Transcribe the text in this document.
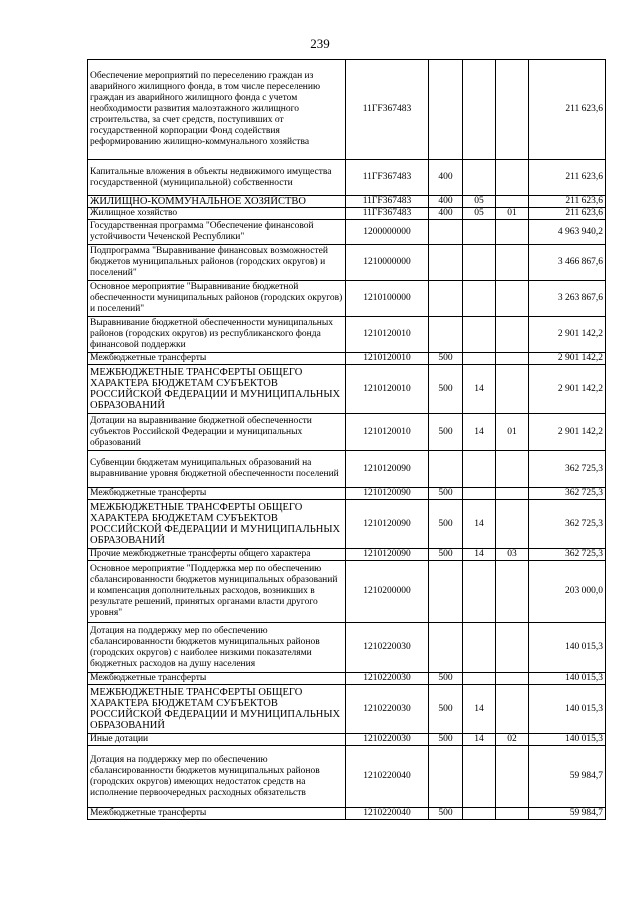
239
Обеспечение мероприятий по переселению граждан из аварийного жилищного фонда, в том числе переселению граждан из аварийного жилищного фонда с учетом необходимости развития малоэтажного жилищного строительства, за счет средств, поступивших от государственной корпорации Фонд содействия реформированию жилищно-коммунального хозяйства	11ГF367483				211 623,6
Капитальные вложения в объекты недвижимого имущества государственной (муниципальной) собственности	11ГF367483	400			211 623,6
ЖИЛИЩНО-КОММУНАЛЬНОЕ ХОЗЯЙСТВО	11ГF367483	400	05		211 623,6
Жилищное хозяйство	11ГF367483	400	05	01	211 623,6
Государственная программа "Обеспечение финансовой устойчивости Чеченской Республики"	1200000000				4 963 940,2
Подпрограмма "Выравнивание финансовых возможностей бюджетов муниципальных районов (городских округов) и поселений"	1210000000				3 466 867,6
Основное мероприятие "Выравнивание бюджетной обеспеченности муниципальных районов (городских округов) и поселений"	1210100000				3 263 867,6
Выравнивание бюджетной обеспеченности муниципальных районов (городских округов) из республиканского фонда финансовой поддержки	1210120010				2 901 142,2
Межбюджетные трансферты	1210120010	500			2 901 142,2
МЕЖБЮДЖЕТНЫЕ ТРАНСФЕРТЫ ОБЩЕГО ХАРАКТЕРА БЮДЖЕТАМ СУБЪЕКТОВ РОССИЙСКОЙ ФЕДЕРАЦИИ И МУНИЦИПАЛЬНЫХ ОБРАЗОВАНИЙ	1210120010	500	14		2 901 142,2
Дотации на выравнивание бюджетной обеспеченности субъектов Российской Федерации и муниципальных образований	1210120010	500	14	01	2 901 142,2
Субвенции бюджетам муниципальных образований на выравнивание уровня бюджетной обеспеченности поселений	1210120090				362 725,3
Межбюджетные трансферты	1210120090	500			362 725,3
МЕЖБЮДЖЕТНЫЕ ТРАНСФЕРТЫ ОБЩЕГО ХАРАКТЕРА БЮДЖЕТАМ СУБЪЕКТОВ РОССИЙСКОЙ ФЕДЕРАЦИИ И МУНИЦИПАЛЬНЫХ ОБРАЗОВАНИЙ	1210120090	500	14		362 725,3
Прочие межбюджетные трансферты общего характера	1210120090	500	14	03	362 725,3
Основное мероприятие "Поддержка мер по обеспечению сбалансированности бюджетов муниципальных образований и компенсация дополнительных расходов, возникших в результате решений, принятых органами власти другого уровня"	1210200000				203 000,0
Дотация на поддержку мер по обеспечению сбалансированности бюджетов муниципальных районов (городских округов) с наиболее низкими показателями бюджетных расходов на душу населения	1210220030				140 015,3
Межбюджетные трансферты	1210220030	500			140 015,3
МЕЖБЮДЖЕТНЫЕ ТРАНСФЕРТЫ ОБЩЕГО ХАРАКТЕРА БЮДЖЕТАМ СУБЪЕКТОВ РОССИЙСКОЙ ФЕДЕРАЦИИ И МУНИЦИПАЛЬНЫХ ОБРАЗОВАНИЙ	1210220030	500	14		140 015,3
Иные дотации	1210220030	500	14	02	140 015,3
Дотация на поддержку мер по обеспечению сбалансированности бюджетов муниципальных районов (городских округов) имеющих недостаток средств на исполнение первоочередных расходных обязательств	1210220040				59 984,7
Межбюджетные трансферты	1210220040	500			59 984,7
